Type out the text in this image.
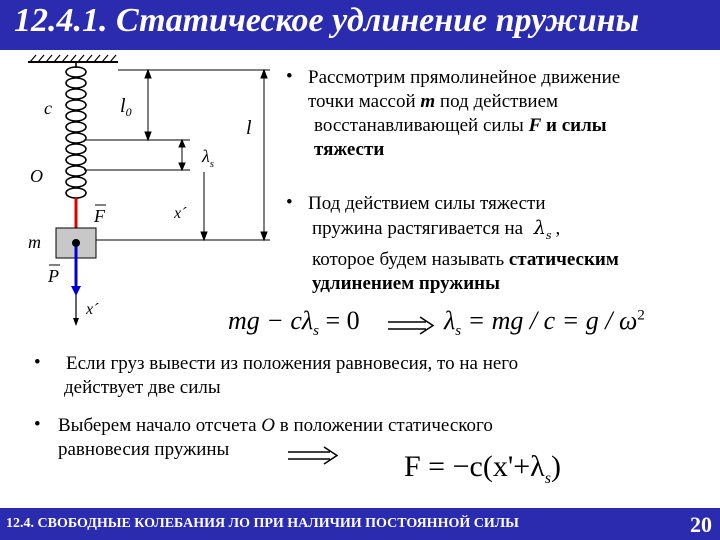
12.4.1. Статическое удлинение пружины
c	$l_0$
l
$\lambda_s$
O
F	x´
m
P
x´
• Рассмотрим прямолинейное движение
точки массой m под действием
восстанавливающей силы F и силы
тяжести
• Под действием силы тяжести
пружина растягивается на $\lambda_s$ ,
которое будем называть статическим
удлинением пружины
mg − $c\lambda_s = 0$	$\lambda_s$ = mg / $c = g / \omega^2$
•	Если груз вывести из положения равновесия, то на него
действует две силы
• Выберем начало отсчета O в положении статического
равновесия пружины
$F = -c(x'+\lambda_s)$
12.4. СВОБОДНЫЕ КОЛЕБАНИЯ ЛО ПРИ НАЛИЧИИ ПОСТОЯННОЙ СИЛЫ	20
